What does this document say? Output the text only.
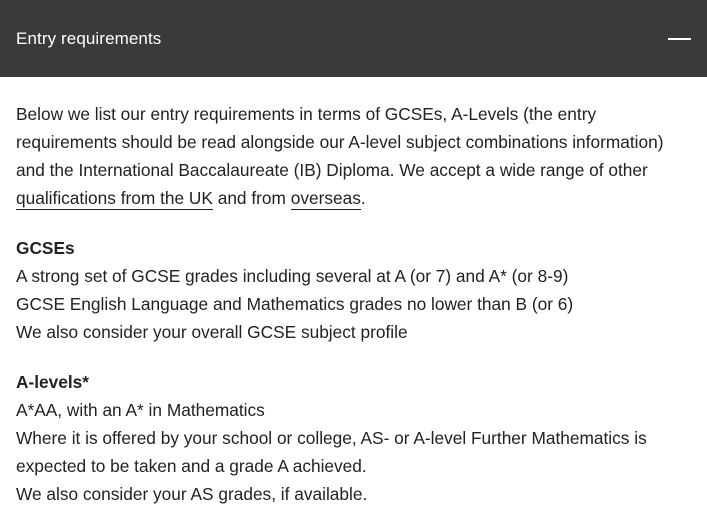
Entry requirements

Below we list our entry requirements in terms of GCSEs, A-Levels (the entry requirements should be read alongside our A-level subject combinations information) and the International Baccalaureate (IB) Diploma. We accept a wide range of other qualifications from the UK and from overseas.

GCSEs

A strong set of GCSE grades including several at A (or 7) and A* (or 8-9)
GCSE English Language and Mathematics grades no lower than B (or 6)
We also consider your overall GCSE subject profile

A-levels*

A*AA, with an A* in Mathematics
Where it is offered by your school or college, AS- or A-level Further Mathematics is expected to be taken and a grade A achieved.
We also consider your AS grades, if available.
